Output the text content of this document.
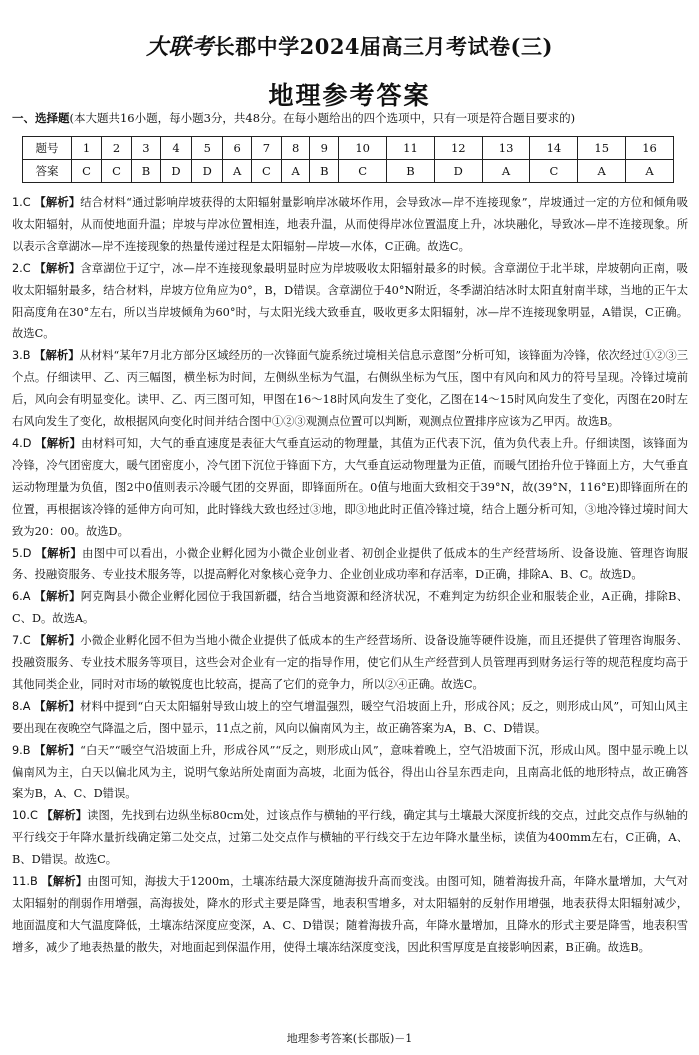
大联考长郡中学2024届高三月考试卷(三)
地理参考答案
一、选择题(本大题共16小题，每小题3分，共48分。在每小题给出的四个选项中，只有一项是符合题目要求的)
题号	1	2	3	4	5	6	7	8	9	10	11	12	13	14	15	16
答案	C	C	B	D	D	A	C	A	B	C	B	D	A	C	A	A
1.C 【解析】结合材料“通过影响岸坡获得的太阳辐射量影响岸冰破坏作用，会导致冰—岸不连接现象”，岸坡通过一定的方位和倾角吸收太阳辐射，从而使地面升温；岸坡与岸冰位置相连，地表升温，从而使得岸冰位置温度上升，冰块融化，导致冰—岸不连接现象。所以表示含章湖冰—岸不连接现象的热量传递过程是太阳辐射—岸坡—水体，C正确。故选C。
2.C 【解析】含章湖位于辽宁，冰—岸不连接现象最明显时应为岸坡吸收太阳辐射最多的时候。含章湖位于北半球，岸坡朝向正南，吸收太阳辐射最多，结合材料，岸坡方位角应为0°，B，D错误。含章湖位于40°N附近，冬季湖泊结冰时太阳直射南半球，当地的正午太阳高度角在30°左右，所以当岸坡倾角为60°时，与太阳光线大致垂直，吸收更多太阳辐射，冰—岸不连接现象明显，A错误，C正确。故选C。
3.B 【解析】从材料“某年7月北方部分区域经历的一次锋面气旋系统过境相关信息示意图”分析可知，该锋面为冷锋，依次经过①②③三个点。仔细读甲、乙、丙三幅图，横坐标为时间，左侧纵坐标为气温，右侧纵坐标为气压，图中有风向和风力的符号呈现。冷锋过境前后，风向会有明显变化。读甲、乙、丙三图可知，甲图在16～18时风向发生了变化，乙图在14～15时风向发生了变化，丙图在20时左右风向发生了变化，故根据风向变化时间并结合图中①②③观测点位置可以判断，观测点位置排序应该为乙甲丙。故选B。
4.D 【解析】由材料可知，大气的垂直速度是表征大气垂直运动的物理量，其值为正代表下沉，值为负代表上升。仔细读图，该锋面为冷锋，冷气团密度大，暖气团密度小，冷气团下沉位于锋面下方，大气垂直运动物理量为正值，而暖气团抬升位于锋面上方，大气垂直运动物理量为负值，图2中0值则表示冷暖气团的交界面，即锋面所在。0值与地面大致相交于39°N，故(39°N，116°E)即锋面所在的位置，再根据该冷锋的延伸方向可知，此时锋线大致也经过③地，即③地此时正值冷锋过境，结合上题分析可知，③地冷锋过境时间大致为20：00。故选D。
5.D 【解析】由图中可以看出，小微企业孵化园为小微企业创业者、初创企业提供了低成本的生产经营场所、设备设施、管理咨询服务、投融资服务、专业技术服务等，以提高孵化对象核心竞争力、企业创业成功率和存活率，D正确，排除A、B、C。故选D。
6.A 【解析】阿克陶县小微企业孵化园位于我国新疆，结合当地资源和经济状况，不难判定为纺织企业和服装企业，A正确，排除B、C、D。故选A。
7.C 【解析】小微企业孵化园不但为当地小微企业提供了低成本的生产经营场所、设备设施等硬件设施，而且还提供了管理咨询服务、投融资服务、专业技术服务等项目，这些会对企业有一定的指导作用，使它们从生产经营到人员管理再到财务运行等的规范程度均高于其他同类企业，同时对市场的敏锐度也比较高，提高了它们的竞争力，所以②④正确。故选C。
8.A 【解析】材料中提到“白天太阳辐射导致山坡上的空气增温强烈，暖空气沿坡面上升，形成谷风；反之，则形成山风”，可知山风主要出现在夜晚空气降温之后，图中显示，11点之前，风向以偏南风为主，故正确答案为A，B、C、D错误。
9.B 【解析】“白天”“暖空气沿坡面上升，形成谷风”“反之，则形成山风”，意味着晚上，空气沿坡面下沉，形成山风。图中显示晚上以偏南风为主，白天以偏北风为主，说明气象站所处南面为高坡，北面为低谷，得出山谷呈东西走向，且南高北低的地形特点，故正确答案为B，A、C、D错误。
10.C 【解析】读图，先找到右边纵坐标80cm处，过该点作与横轴的平行线，确定其与土壤最大深度折线的交点，过此交点作与纵轴的平行线交于年降水量折线确定第二处交点，过第二处交点作与横轴的平行线交于左边年降水量坐标，读值为400mm左右，C正确，A、B、D错误。故选C。
11.B 【解析】由图可知，海拔大于1200m，土壤冻结最大深度随海拔升高而变浅。由图可知，随着海拔升高，年降水量增加，大气对太阳辐射的削弱作用增强，高海拔处，降水的形式主要是降雪，地表积雪增多，对太阳辐射的反射作用增强，地表获得太阳辐射减少，地面温度和大气温度降低，土壤冻结深度应变深，A、C、D错误；随着海拔升高，年降水量增加，且降水的形式主要是降雪，地表积雪增多，减少了地表热量的散失，对地面起到保温作用，使得土壤冻结深度变浅，因此积雪厚度是直接影响因素，B正确。故选B。
地理参考答案(长郡版)－1
